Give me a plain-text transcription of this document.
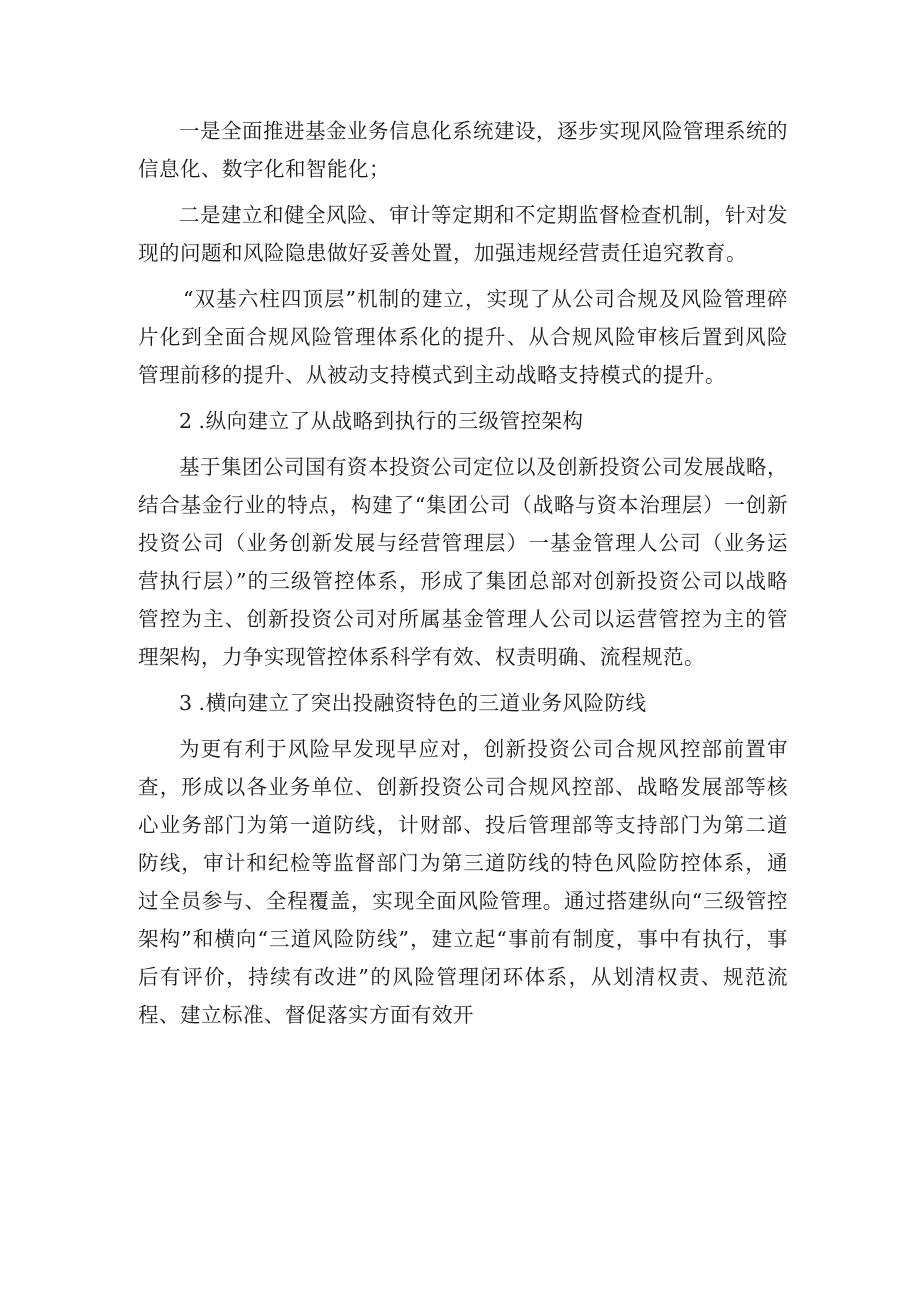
一是全面推进基金业务信息化系统建设，逐步实现风险管理系统的信息化、数字化和智能化；

二是建立和健全风险、审计等定期和不定期监督检查机制，针对发现的问题和风险隐患做好妥善处置，加强违规经营责任追究教育。

“双基六柱四顶层”机制的建立，实现了从公司合规及风险管理碎片化到全面合规风险管理体系化的提升、从合规风险审核后置到风险管理前移的提升、从被动支持模式到主动战略支持模式的提升。

2 .纵向建立了从战略到执行的三级管控架构

基于集团公司国有资本投资公司定位以及创新投资公司发展战略，结合基金行业的特点，构建了“集团公司（战略与资本治理层）一创新投资公司（业务创新发展与经营管理层）一基金管理人公司（业务运营执行层）”的三级管控体系，形成了集团总部对创新投资公司以战略管控为主、创新投资公司对所属基金管理人公司以运营管控为主的管理架构，力争实现管控体系科学有效、权责明确、流程规范。

3 .横向建立了突出投融资特色的三道业务风险防线

为更有利于风险早发现早应对，创新投资公司合规风控部前置审查，形成以各业务单位、创新投资公司合规风控部、战略发展部等核心业务部门为第一道防线，计财部、投后管理部等支持部门为第二道防线，审计和纪检等监督部门为第三道防线的特色风险防控体系，通过全员参与、全程覆盖，实现全面风险管理。通过搭建纵向“三级管控架构”和横向“三道风险防线”，建立起“事前有制度，事中有执行，事后有评价，持续有改进”的风险管理闭环体系，从划清权责、规范流程、建立标准、督促落实方面有效开
